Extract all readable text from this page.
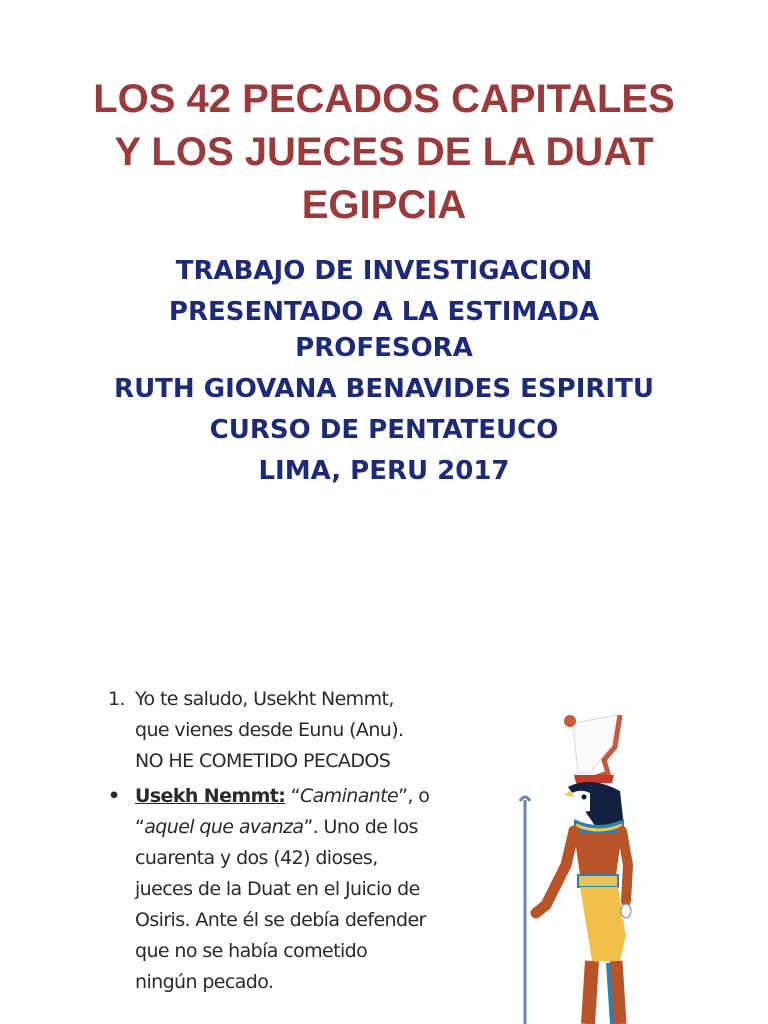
LOS 42 PECADOS CAPITALES
Y LOS JUECES DE LA DUAT
EGIPCIA
TRABAJO DE INVESTIGACION
PRESENTADO A LA ESTIMADA
PROFESORA
RUTH GIOVANA BENAVIDES ESPIRITU
CURSO DE PENTATEUCO
LIMA, PERU 2017
1. Yo te saludo, Usekht Nemmt,
que vienes desde Eunu (Anu).
NO HE COMETIDO PECADOS
• Usekh Nemmt: “Caminante”, o
“aquel que avanza”. Uno de los
cuarenta y dos (42) dioses,
jueces de la Duat en el Juicio de
Osiris. Ante él se debía defender
que no se había cometido
ningún pecado.
